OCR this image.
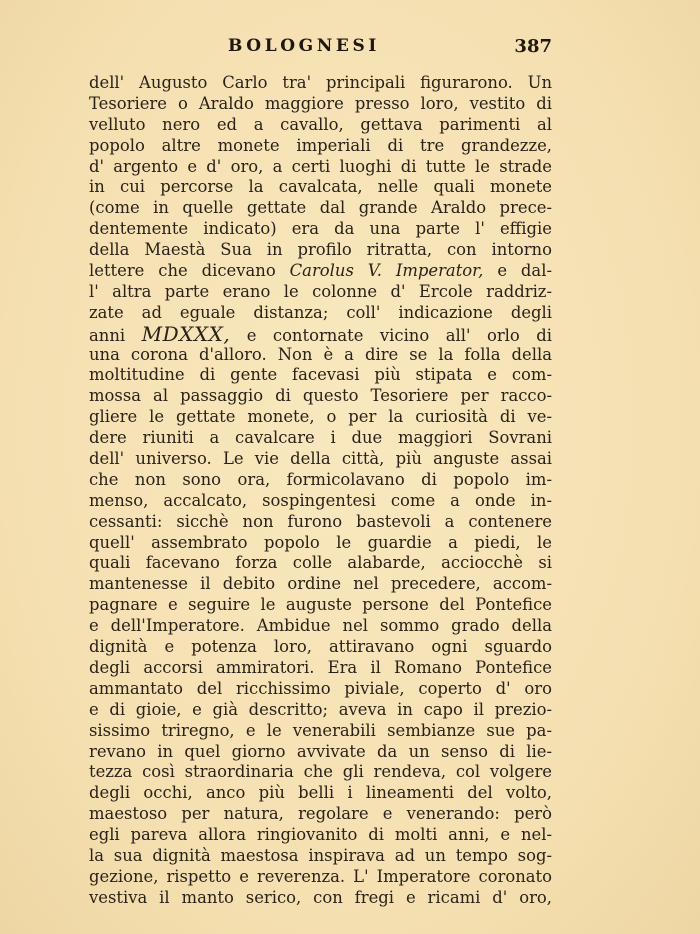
BOLOGNESI	387
dell' Augusto Carlo tra' principali figurarono. Un
Tesoriere o Araldo maggiore presso loro, vestito di
velluto nero ed a cavallo, gettava parimenti al
popolo altre monete imperiali di tre grandezze,
d' argento e d' oro, a certi luoghi di tutte le strade
in cui percorse la cavalcata, nelle quali monete
(come in quelle gettate dal grande Araldo prece-
dentemente indicato) era da una parte l' effigie
della Maestà Sua in profilo ritratta, con intorno
lettere che dicevano Carolus V. Imperator, e dal-
l' altra parte erano le colonne d' Ercole raddriz-
zate ad eguale distanza; coll' indicazione degli
anni MDXXX, e contornate vicino all' orlo di
una corona d'alloro. Non è a dire se la folla della
moltitudine di gente facevasi più stipata e com-
mossa al passaggio di questo Tesoriere per racco-
gliere le gettate monete, o per la curiosità di ve-
dere riuniti a cavalcare i due maggiori Sovrani
dell' universo. Le vie della città, più anguste assai
che non sono ora, formicolavano di popolo im-
menso, accalcato, sospingentesi come a onde in-
cessanti: sicchè non furono bastevoli a contenere
quell' assembrato popolo le guardie a piedi, le
quali facevano forza colle alabarde, acciocchè si
mantenesse il debito ordine nel precedere, accom-
pagnare e seguire le auguste persone del Pontefice
e dell'Imperatore. Ambidue nel sommo grado della
dignità e potenza loro, attiravano ogni sguardo
degli accorsi ammiratori. Era il Romano Pontefice
ammantato del ricchissimo piviale, coperto d' oro
e di gioie, e già descritto; aveva in capo il prezio-
sissimo triregno, e le venerabili sembianze sue pa-
revano in quel giorno avvivate da un senso di lie-
tezza così straordinaria che gli rendeva, col volgere
degli occhi, anco più belli i lineamenti del volto,
maestoso per natura, regolare e venerando: però
egli pareva allora ringiovanito di molti anni, e nel-
la sua dignità maestosa inspirava ad un tempo sog-
gezione, rispetto e reverenza. L' Imperatore coronato
vestiva il manto serico, con fregi e ricami d' oro,
